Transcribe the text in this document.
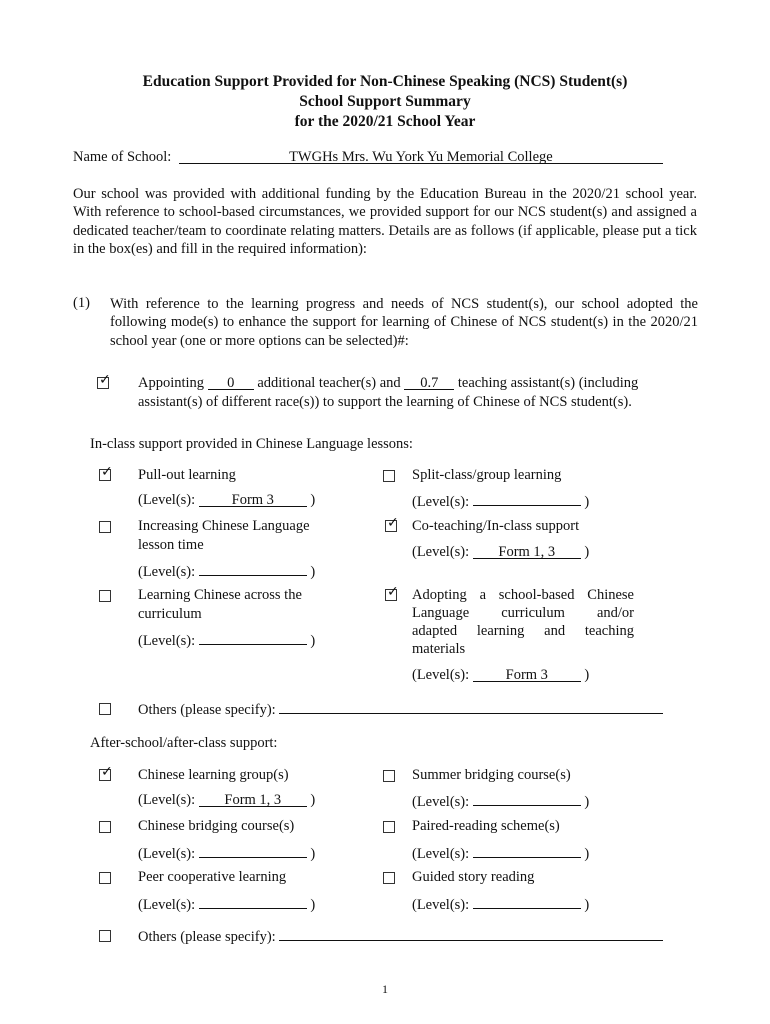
Education Support Provided for Non-Chinese Speaking (NCS) Student(s)
School Support Summary
for the 2020/21 School Year
Name of School:	TWGHs Mrs. Wu York Yu Memorial College
Our school was provided with additional funding by the Education Bureau in the 2020/21 school year. With reference to school-based circumstances, we provided support for our NCS student(s) and assigned a dedicated teacher/team to coordinate relating matters. Details are as follows (if applicable, please put a tick in the box(es) and fill in the required information):
(1) With reference to the learning progress and needs of NCS student(s), our school adopted the following mode(s) to enhance the support for learning of Chinese of NCS student(s) in the 2020/21 school year (one or more options can be selected)#:
✓ Appointing 0 additional teacher(s) and 0.7 teaching assistant(s) (including
assistant(s) of different race(s)) to support the learning of Chinese of NCS student(s).
In-class support provided in Chinese Language lessons:
✓ Pull-out learning
(Level(s):	Form 3	)
Split-class/group learning
(Level(s):	)
Increasing Chinese Language
lesson time
(Level(s):	)
✓ Co-teaching/In-class support
(Level(s): Form 1, 3 )
Learning Chinese across the
curriculum
(Level(s):	)
✓ Adopting a school-based Chinese
Language curriculum and/or
adapted learning and teaching
materials
(Level(s):	Form 3	)
Others (please specify):
After-school/after-class support:
✓ Chinese learning group(s)
(Level(s): Form 1, 3 )
Summer bridging course(s)
(Level(s):	)
Chinese bridging course(s)
(Level(s):	)
Paired-reading scheme(s)
(Level(s):	)
Peer cooperative learning
(Level(s):	)
Guided story reading
(Level(s):	)
Others (please specify):
1
